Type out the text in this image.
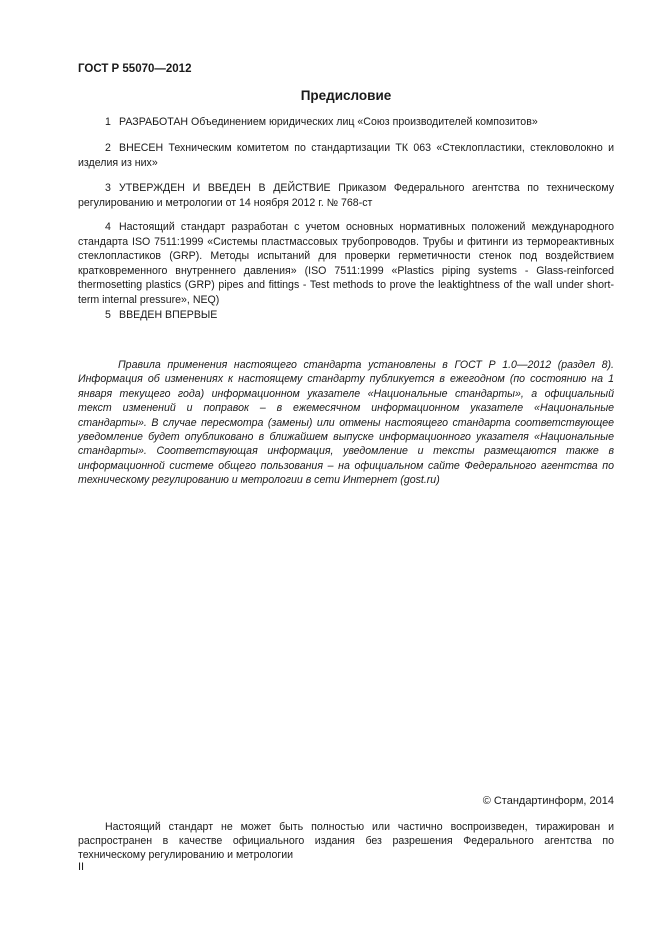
ГОСТ Р 55070—2012
Предисловие
1 РАЗРАБОТАН Объединением юридических лиц «Союз производителей композитов»
2 ВНЕСЕН Техническим комитетом по стандартизации ТК 063 «Стеклопластики, стекловолокно и изделия из них»
3 УТВЕРЖДЕН И ВВЕДЕН В ДЕЙСТВИЕ Приказом Федерального агентства по техническому регулированию и метрологии от 14 ноября 2012 г. № 768-ст
4 Настоящий стандарт разработан с учетом основных нормативных положений международного стандарта ISO 7511:1999 «Системы пластмассовых трубопроводов. Трубы и фитинги из термореактивных стеклопластиков (GRP). Методы испытаний для проверки герметичности стенок под воздействием кратковременного внутреннего давления» (ISO 7511:1999 «Plastics piping systems - Glass-reinforced thermosetting plastics (GRP) pipes and fittings - Test methods to prove the leaktightness of the wall under short-term internal pressure», NEQ)
5 ВВЕДЕН ВПЕРВЫЕ
Правила применения настоящего стандарта установлены в ГОСТ Р 1.0—2012 (раздел 8). Информация об изменениях к настоящему стандарту публикуется в ежегодном (по состоянию на 1 января текущего года) информационном указателе «Национальные стандарты», а официальный текст изменений и поправок – в ежемесячном информационном указателе «Национальные стандарты». В случае пересмотра (замены) или отмены настоящего стандарта соответствующее уведомление будет опубликовано в ближайшем выпуске информационного указателя «Национальные стандарты». Соответствующая информация, уведомление и тексты размещаются также в информационной системе общего пользования – на официальном сайте Федерального агентства по техническому регулированию и метрологии в сети Интернет (gost.ru)
© Стандартинформ, 2014
Настоящий стандарт не может быть полностью или частично воспроизведен, тиражирован и распространен в качестве официального издания без разрешения Федерального агентства по техническому регулированию и метрологии
II
